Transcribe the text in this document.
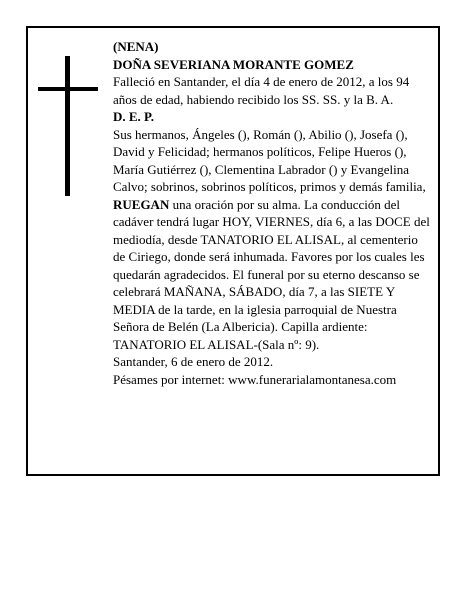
(NENA)

DOÑA SEVERIANA MORANTE GOMEZ

Falleció en Santander, el día 4 de enero de 2012, a los 94 años de edad, habiendo recibido los SS. SS. y la B. A.

D. E. P.

Sus hermanos, Ángeles (), Román (), Abilio (), Josefa (), David y Felicidad; hermanos políticos, Felipe Hueros (), María Gutiérrez (), Clementina Labrador () y Evangelina Calvo; sobrinos, sobrinos políticos, primos y demás familia,

RUEGAN una oración por su alma. La conducción del cadáver tendrá lugar HOY, VIERNES, día 6, a las DOCE del mediodía, desde TANATORIO EL ALISAL, al cementerio de Ciriego, donde será inhumada. Favores por los cuales les quedarán agradecidos. El funeral por su eterno descanso se celebrará MAÑANA, SÁBADO, día 7, a las SIETE Y MEDIA de la tarde, en la iglesia parroquial de Nuestra Señora de Belén (La Albericia). Capilla ardiente: TANATORIO EL ALISAL-(Sala nº: 9).

Santander, 6 de enero de 2012.

Pésames por internet: www.funerarialamontanesa.com
